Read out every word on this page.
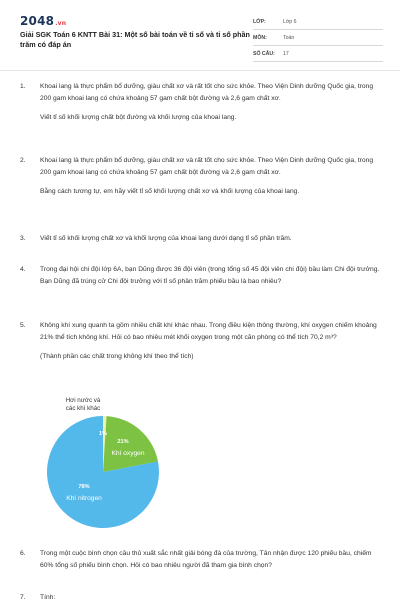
2048.vn
Giải SGK Toán 6 KNTT Bài 31: Một số bài toán về tỉ số và tỉ số phần trăm có đáp án
LỚP:	Lớp 6
MÔN:	Toán
SỐ CÂU:	17
1.	Khoai lang là thực phẩm bổ dưỡng, giàu chất xơ và rất tốt cho sức khỏe. Theo Viện Dinh dưỡng Quốc gia, trong 200 gam khoai lang có chứa khoảng 57 gam chất bột đường và 2,6 gam chất xơ.

Viết tỉ số khối lượng chất bột đường và khối lượng của khoai lang.

2.	Khoai lang là thực phẩm bổ dưỡng, giàu chất xơ và rất tốt cho sức khỏe. Theo Viện Dinh dưỡng Quốc gia, trong 200 gam khoai lang có chứa khoảng 57 gam chất bột đường và 2,6 gam chất xơ.

Bằng cách tương tự, em hãy viết tỉ số khối lượng chất xơ và khối lượng của khoai lang.

3.	Viết tỉ số khối lượng chất xơ và khối lượng của khoai lang dưới dạng tỉ số phần trăm.

4.	Trong đại hội chi đội lớp 6A, bạn Dũng được 36 đội viên (trong tổng số 45 đội viên chi đội) bầu làm Chi đội trưởng. Bạn Dũng đã trúng cử Chi đội trưởng với tỉ số phần trăm phiếu bầu là bao nhiêu?

5.	Không khí xung quanh ta gồm nhiều chất khí khác nhau. Trong điều kiện thông thường, khí oxygen chiếm khoảng 21% thể tích không khí. Hỏi có bao nhiêu mét khối oxygen trong một căn phòng có thể tích 70,2 m³?

(Thành phần các chất trong không khí theo thể tích)

Hơi nước và
các khí khác
1%
21%
Khí oxygen
78%
Khí nitrogen
6.	Trong một cuộc bình chọn cầu thủ xuất sắc nhất giải bóng đá của trường, Tân nhận được 120 phiếu bầu, chiếm 60% tổng số phiếu bình chọn. Hỏi có bao nhiêu người đã tham gia bình chọn?

7.	Tính:
